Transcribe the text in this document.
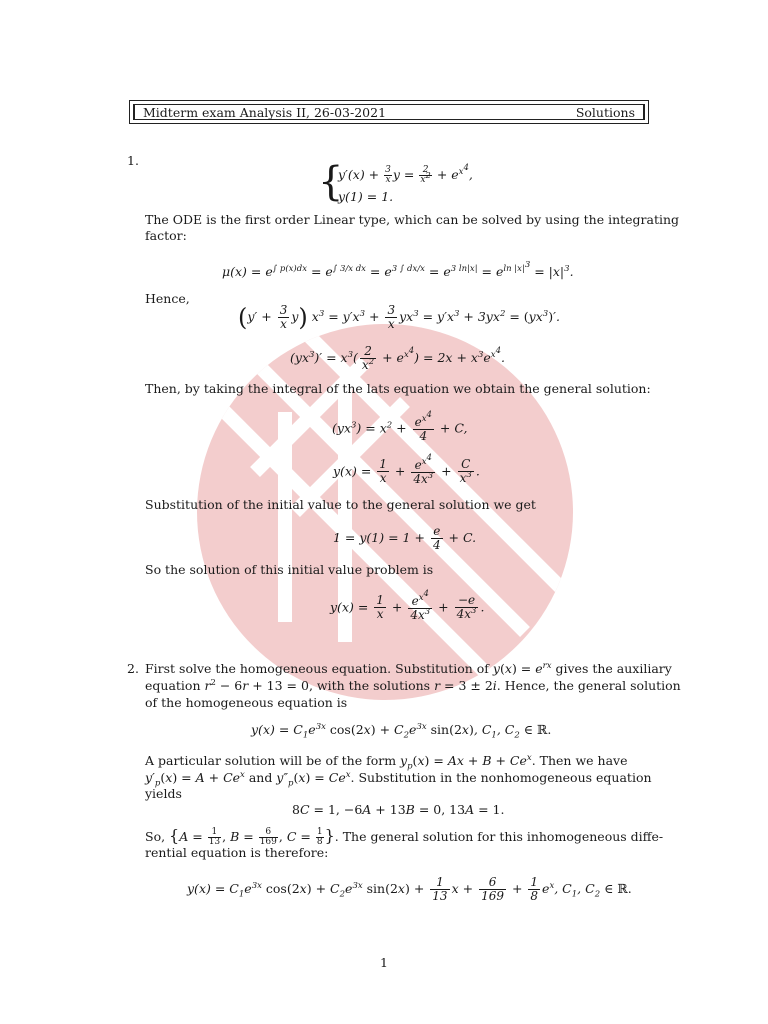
Midterm exam Analysis II, 26-03-2021	Solutions
1.	{
$y'(x) + \frac{3}{x}$ $y = \frac{2}{x^2} + e^{x^4}$,
y(1) = 1.
The ODE is the first order Linear type, which can be solved by using the integrating
factor:
$\mu(x) = e^{\int p(x)dx} = e^{\int 3/x dx} = e^{3 \int dx/x} = e^{3 ln|x|} = e^{ln |x|^3} = |x|^3$.
Hence,
$(y' + \frac{3}{x} y)$ $x^3 = y'x^3 + \frac{3}{x} yx^3 = y'x^3 + 3yx^2 = (yx^3)'$.
$(yx^3)' = x^3( \frac{2}{x^2} + e^{x^4}) = 2x + x^3e^{x^4}$.
Then, by taking the integral of the lats equation we obtain the general solution:
$(yx^3) = x^2 + \frac{e^{x^4}}{4} + C$,
$y(x) = \frac{1}{x} + \frac{e^{x^4}}{4x^3} + \frac{C}{x^3}$ .
Substitution of the initial value to the general solution we get
$1 = y(1) = 1 + \frac{e}{4} + C$.
So the solution of this initial value problem is
$y(x) = \frac{1}{x} + \frac{e^{x^4}}{4x^3} + \frac{-e}{4x^3}$ .
2. First solve the homogeneous equation. Substitution of $y(x) = e^{rx}$ gives the auxiliary
equation $r^2 - 6r + 13 = 0$, with the solutions r = 3 ± 2i. Hence, the general solution
of the homogeneous equation is
$y(x) = C_1e^{3x}$ $\cos(2x) + C_2e^{3x}$ sin(2x), $C_1$, $C_2$ ∈ ℝ.
A particular solution will be of the form $y_p(x) = Ax + B + Ce^x$. Then we have
$y'_p(x) = A + Ce^x$ and $y''_p(x) = Ce^x$. Substitution in the nonhomogeneous equation
yields
8C = 1, −6A + 13B = 0, 13A = 1.
So, {$A = \frac{1}{13}$ , $B = \frac{6}{169}$ , $C = \frac{1}{8}$ }. The general solution for this inhomogeneous diffe-
rential equation is therefore:
$y(x) = C_1e^{3x}$ $\cos(2x) + C_2e^{3x}$ $\sin(2x) + \frac{1}{13}$ $x + \frac{6}{169} + \frac{1}{8} e^x$, $C_1$, $C_2$ ∈ ℝ.
1
